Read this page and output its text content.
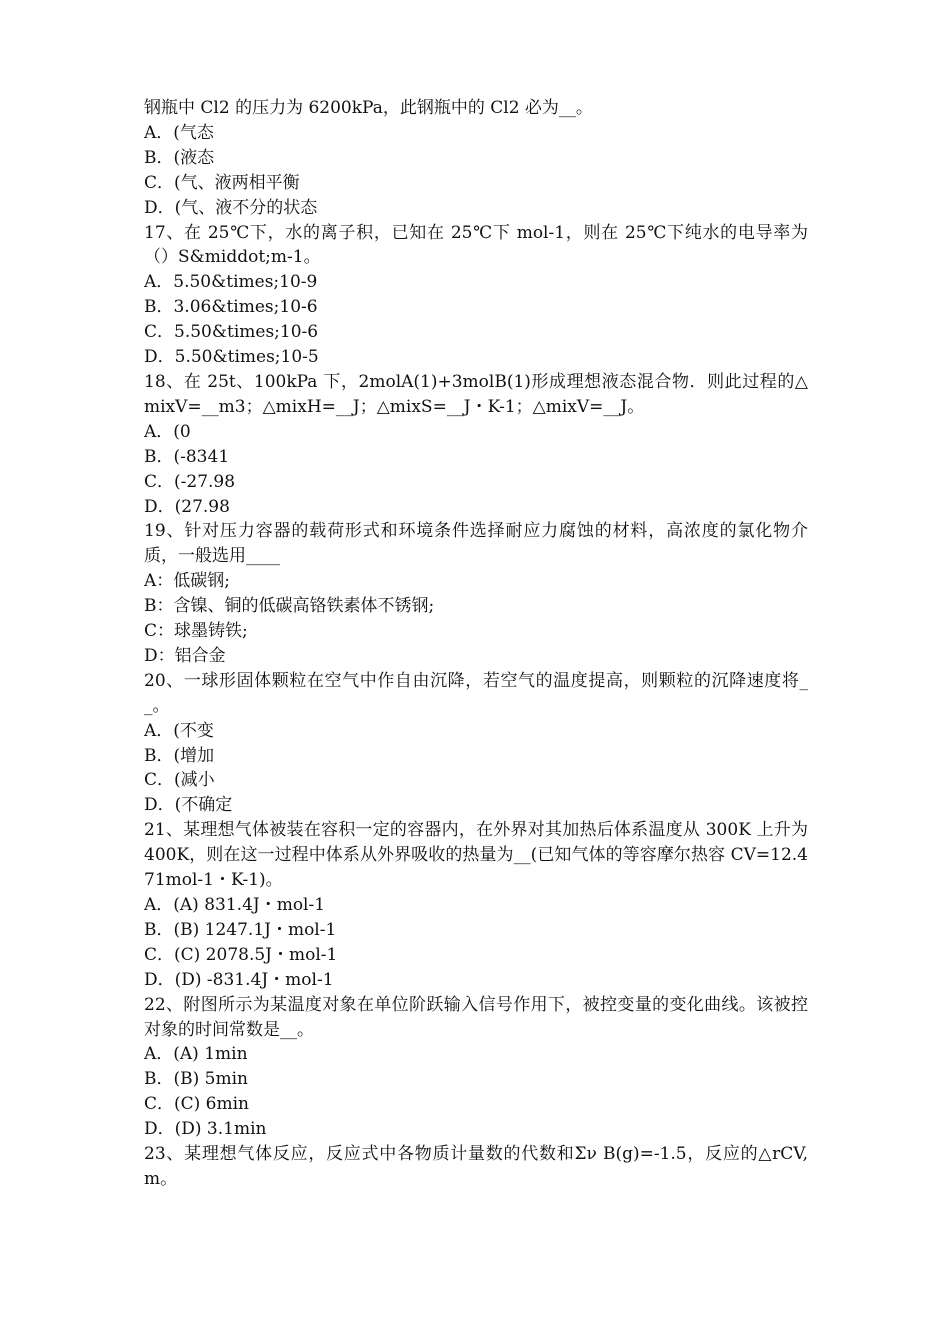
钢瓶中 Cl2 的压力为 6200kPa，此钢瓶中的 Cl2 必为__。
A．(气态
B．(液态
C．(气、液两相平衡
D．(气、液不分的状态
17、在 25℃下，水的离子积，已知在 25℃下 mol-1，则在 25℃下纯水的电导率为（）S&middot;m-1。
A．5.50&times;10-9
B．3.06&times;10-6
C．5.50&times;10-6
D．5.50&times;10-5
18、在 25t、100kPa 下，2molA(1)+3molB(1)形成理想液态混合物．则此过程的△mixV=__m3；△mixH=__J；△mixS=__J・K-1；△mixV=__J。
A．(0
B．(-8341
C．(-27.98
D．(27.98
19、针对压力容器的载荷形式和环境条件选择耐应力腐蚀的材料，高浓度的氯化物介质，一般选用____
A：低碳钢;
B：含镍、铜的低碳高铬铁素体不锈钢;
C：球墨铸铁;
D：铝合金
20、一球形固体颗粒在空气中作自由沉降，若空气的温度提高，则颗粒的沉降速度将__。
A．(不变
B．(增加
C．(减小
D．(不确定
21、某理想气体被装在容积一定的容器内，在外界对其加热后体系温度从 300K 上升为 400K，则在这一过程中体系从外界吸收的热量为__(已知气体的等容摩尔热容 CV=12.471mol-1・K-1)。
A．(A) 831.4J・mol-1
B．(B) 1247.1J・mol-1
C．(C) 2078.5J・mol-1
D．(D) -831.4J・mol-1
22、附图所示为某温度对象在单位阶跃输入信号作用下，被控变量的变化曲线。该被控对象的时间常数是__。
A．(A) 1min
B．(B) 5min
C．(C) 6min
D．(D) 3.1min
23、某理想气体反应，反应式中各物质计量数的代数和Σν B(g)=-1.5，反应的△rCV,m。
